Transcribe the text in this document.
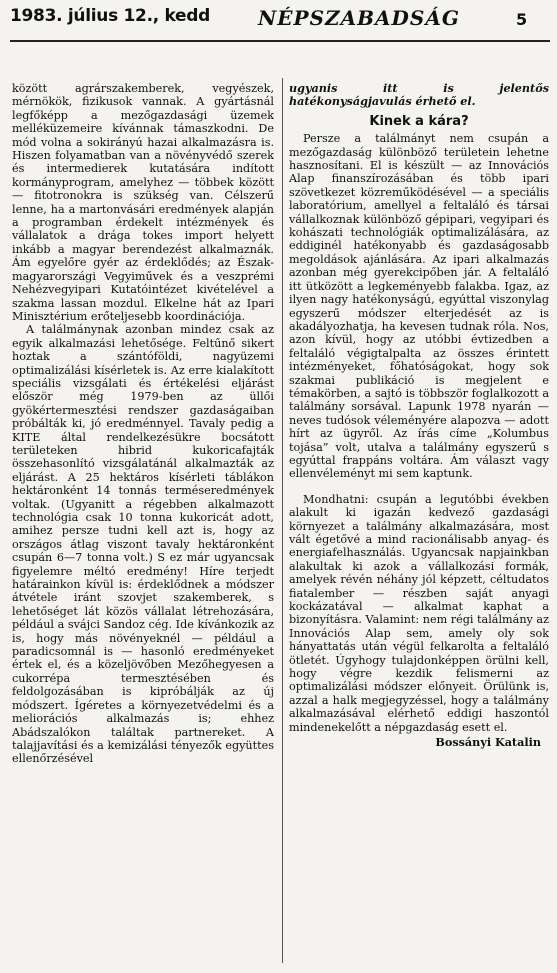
1983. július 12., kedd NÉPSZABADSÁG	5

között agrárszakemberek, vegyészek, mérnökök, fizikusok vannak. A gyártásnál legfőképp a mezőgazdasági üzemek melléküzemeire kívánnak támaszkodni. De mód volna a sokirányú hazai alkalmazásra is. Hiszen folyamatban van a növényvédő szerek és intermedierek kutatására indított kormányprogram, amelyhez — többek között — fitotronokra is szükség van. Célszerű lenne, ha a martonvásári eredmények alapján a programban érdekelt intézmények és vállalatok a drága tokes import helyett inkább a magyar berendezést alkalmaznák. Ám egyelőre gyér az érdeklődés; az Észak-magyarországi Vegyiművek és a veszprémi Nehézvegyipari Kutatóintézet kivételével a szakma lassan mozdul. Elkelne hát az Ipari Minisztérium erőteljesebb koordinációja.

A találmánynak azonban mindez csak az egyik alkalmazási lehetősége. Feltűnő sikert hoztak a szántóföldi, nagyüzemi optimalizálási kísérletek is. Az erre kialakított speciális vizsgálati és értékelési eljárást először még 1979-ben az üllői gyökértermesztési rendszer gazdaságaiban próbálták ki, jó eredménnyel. Tavaly pedig a KITE által rendelkezésükre bocsátott területeken hibrid kukoricafajták összehasonlító vizsgálatánál alkalmazták az eljárást. A 25 hektáros kísérleti táblákon hektáronként 14 tonnás terméseredmények voltak. (Ugyanitt a régebben alkalmazott technológia csak 10 tonna kukoricát adott, amihez persze tudni kell azt is, hogy az országos átlag viszont tavaly hektáronként csupán 6—7 tonna volt.) S ez már ugyancsak figyelemre méltó eredmény! Híre terjedt határainkon kívül is: érdeklődnek a módszer átvétele iránt szovjet szakemberek, s lehetőséget lát közös vállalat létrehozására, például a svájci Sandoz cég. Ide kívánkozik az is, hogy más növényeknél — például a paradicsomnál is — hasonló eredményeket értek el, és a közeljövőben Mezőhegyesen a cukorrépa termesztésében és feldolgozásában is kipróbálják az új módszert. Ígéretes a környezetvédelmi és a meliorációs alkalmazás is; ehhez Abádszalókon találtak partnereket. A talajjavítási és a kemizálási tényezők együttes ellenőrzésével

ugyanis itt is jelentős hatékonyságjavulás érhető el.

Kinek a kára?

Persze a találmányt nem csupán a mezőgazdaság különböző területein lehetne hasznosítani. El is készült — az Innovációs Alap finanszírozásában és több ipari szövetkezet közreműködésével — a speciális laboratórium, amellyel a feltaláló és társai vállalkoznak különböző gépipari, vegyipari és kohászati technológiák optimalizálására, az eddiginél hatékonyabb és gazdaságosabb megoldások ajánlására. Az ipari alkalmazás azonban még gyerekcipőben jár. A feltaláló itt ütközött a legkeményebb falakba. Igaz, az ilyen nagy hatékonyságú, egyúttal viszonylag egyszerű módszer elterjedését az is akadályozhatja, ha kevesen tudnak róla. Nos, azon kívül, hogy az utóbbi évtizedben a feltaláló végigtalpalta az összes érintett intézményeket, főhatóságokat, hogy sok szakmai publikáció is megjelent e témakörben, a sajtó is többször foglalkozott a találmány sorsával. Lapunk 1978 nyarán — neves tudósok véleményére alapozva — adott hírt az ügyről. Az írás címe „Kolumbus tojása” volt, utalva a találmány egyszerű s egyúttal frappáns voltára. Ám választ vagy ellenvéleményt mi sem kaptunk.

Mondhatni: csupán a legutóbbi években alakult ki igazán kedvező gazdasági környezet a találmány alkalmazására, most vált égetővé a mind racionálisabb anyag- és energiafelhasználás. Ugyancsak napjainkban alakultak ki azok a vállalkozási formák, amelyek révén néhány jól képzett, céltudatos fiatalember — részben saját anyagi kockázatával — alkalmat kaphat a bizonyításra. Valamint: nem régi találmány az Innovációs Alap sem, amely oly sok hányattatás után végül felkarolta a feltaláló ötletét. Úgyhogy tulajdonképpen örülni kell, hogy végre kezdik felismerni az optimalizálási módszer előnyeit. Örülünk is, azzal a halk megjegyzéssel, hogy a találmány alkalmazásával elérhető eddigi haszontól mindenekelőtt a népgazdaság esett el.

Bossányi Katalin
